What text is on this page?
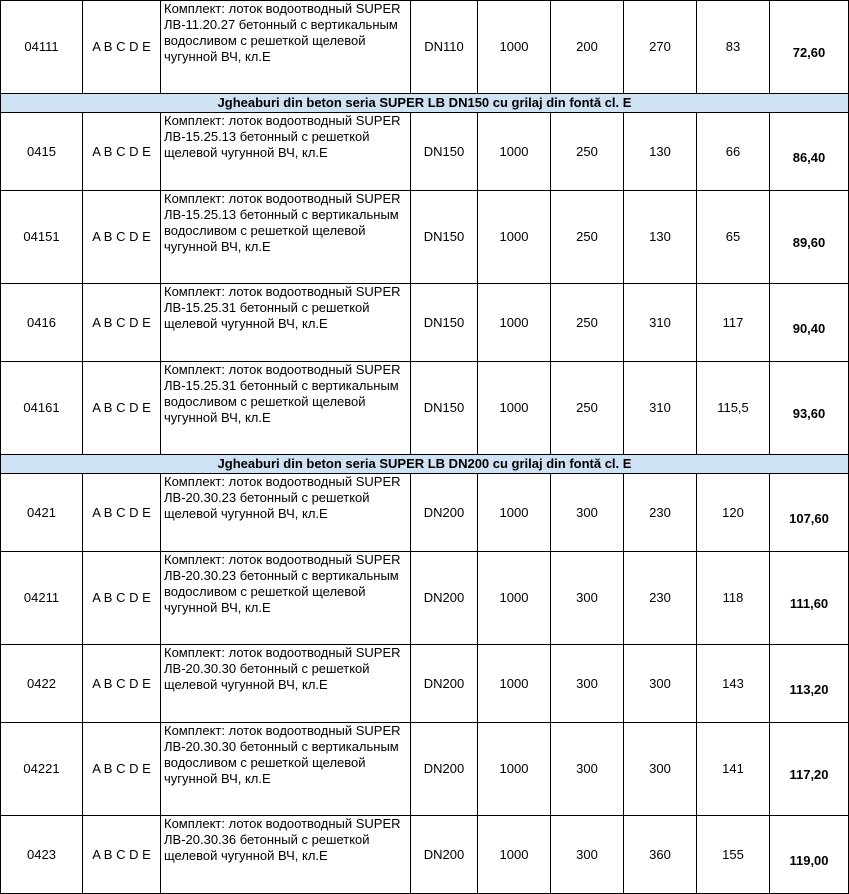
04111	A B C D E	Комплект: лоток водоотводный SUPER ЛВ-11.20.27 бетонный с вертикальным водосливом с решеткой щелевой чугунной ВЧ, кл.Е	DN110	1000	200	270	83	72,60
Jgheaburi din beton seria SUPER LB DN150 cu grilaj din fontă cl. E								
0415	A B C D E	Комплект: лоток водоотводный SUPER ЛВ-15.25.13 бетонный с решеткой щелевой чугунной ВЧ, кл.Е	DN150	1000	250	130	66	86,40
04151	A B C D E	Комплект: лоток водоотводный SUPER ЛВ-15.25.13 бетонный с вертикальным водосливом с решеткой щелевой чугунной ВЧ, кл.Е	DN150	1000	250	130	65	89,60
0416	A B C D E	Комплект: лоток водоотводный SUPER ЛВ-15.25.31 бетонный с решеткой щелевой чугунной ВЧ, кл.Е	DN150	1000	250	310	117	90,40
04161	A B C D E	Комплект: лоток водоотводный SUPER ЛВ-15.25.31 бетонный с вертикальным водосливом с решеткой щелевой чугунной ВЧ, кл.Е	DN150	1000	250	310	115,5	93,60
Jgheaburi din beton seria SUPER LB DN200 cu grilaj din fontă cl. E								
0421	A B C D E	Комплект: лоток водоотводный SUPER ЛВ-20.30.23 бетонный с решеткой щелевой чугунной ВЧ, кл.Е	DN200	1000	300	230	120	107,60
04211	A B C D E	Комплект: лоток водоотводный SUPER ЛВ-20.30.23 бетонный с вертикальным водосливом с решеткой щелевой чугунной ВЧ, кл.Е	DN200	1000	300	230	118	111,60
0422	A B C D E	Комплект: лоток водоотводный SUPER ЛВ-20.30.30 бетонный с решеткой щелевой чугунной ВЧ, кл.Е	DN200	1000	300	300	143	113,20
04221	A B C D E	Комплект: лоток водоотводный SUPER ЛВ-20.30.30 бетонный с вертикальным водосливом с решеткой щелевой чугунной ВЧ, кл.Е	DN200	1000	300	300	141	117,20
0423	A B C D E	Комплект: лоток водоотводный SUPER ЛВ-20.30.36 бетонный с решеткой щелевой чугунной ВЧ, кл.Е	DN200	1000	300	360	155	119,00
